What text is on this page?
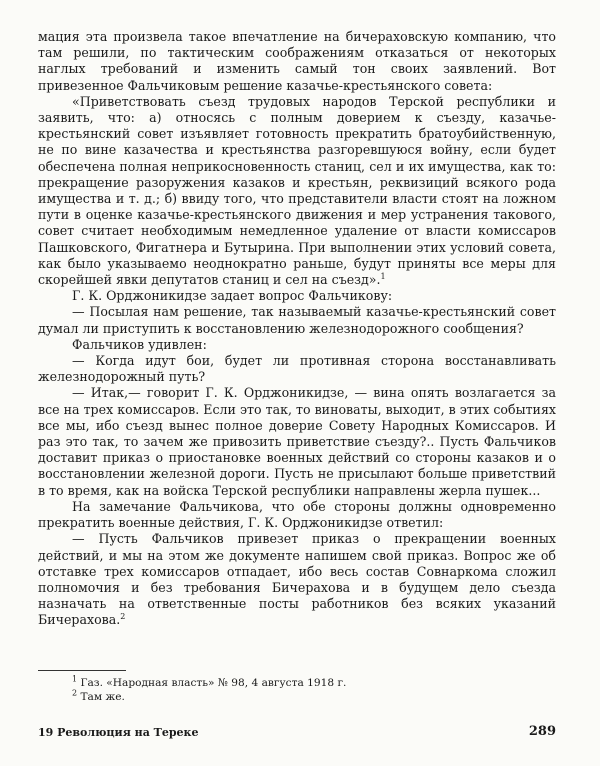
мация эта произвела такое впечатление на бичераховскую компанию, что там решили, по тактическим соображениям отказаться от некоторых наглых требований и изменить самый тон своих заявлений. Вот привезенное Фальчиковым решение казачье-крестьянского совета:

«Приветствовать съезд трудовых народов Терской республики и заявить, что: а) относясь с полным доверием к съезду, казачье-крестьянский совет изъявляет готовность прекратить братоубийственную, не по вине казачества и крестьянства разгоревшуюся войну, если будет обеспечена полная неприкосновенность станиц, сел и их имущества, как то: прекращение разоружения казаков и крестьян, реквизиций всякого рода имущества и т. д.; б) ввиду того, что представители власти стоят на ложном пути в оценке казачье-крестьянского движения и мер устранения такового, совет считает необходимым немедленное удаление от власти комиссаров Пашковского, Фигатнера и Бутырина. При выполнении этих условий совета, как было указываемо неоднократно раньше, будут приняты все меры для скорейшей явки депутатов станиц и сел на съезд».$^1$

Г. К. Орджоникидзе задает вопрос Фальчикову:

— Посылая нам решение, так называемый казачье-крестьянский совет думал ли приступить к восстановлению железнодорожного сообщения?

Фальчиков удивлен:

— Когда идут бои, будет ли противная сторона восстанавливать железнодорожный путь?

— Итак,— говорит Г. К. Орджоникидзе, — вина опять возлагается за все на трех комиссаров. Если это так, то виноваты, выходит, в этих событиях все мы, ибо съезд вынес полное доверие Совету Народных Комиссаров. И раз это так, то зачем же привозить приветствие съезду?.. Пусть Фальчиков доставит приказ о приостановке военных действий со стороны казаков и о восстановлении железной дороги. Пусть не присылают больше приветствий в то время, как на войска Терской республики направлены жерла пушек...

На замечание Фальчикова, что обе стороны должны одновременно прекратить военные действия, Г. К. Орджоникидзе ответил:

— Пусть Фальчиков привезет приказ о прекращении военных действий, и мы на этом же документе напишем свой приказ. Вопрос же об отставке трех комиссаров отпадает, ибо весь состав Совнаркома сложил полномочия и без требования Бичерахова и в будущем дело съезда назначать на ответственные посты работников без всяких указаний Бичерахова.$^2$

$^1$ Газ. «Народная власть» № 98, 4 августа 1918 г.

$^2$ Там же.

19 Революция на Тереке	289
